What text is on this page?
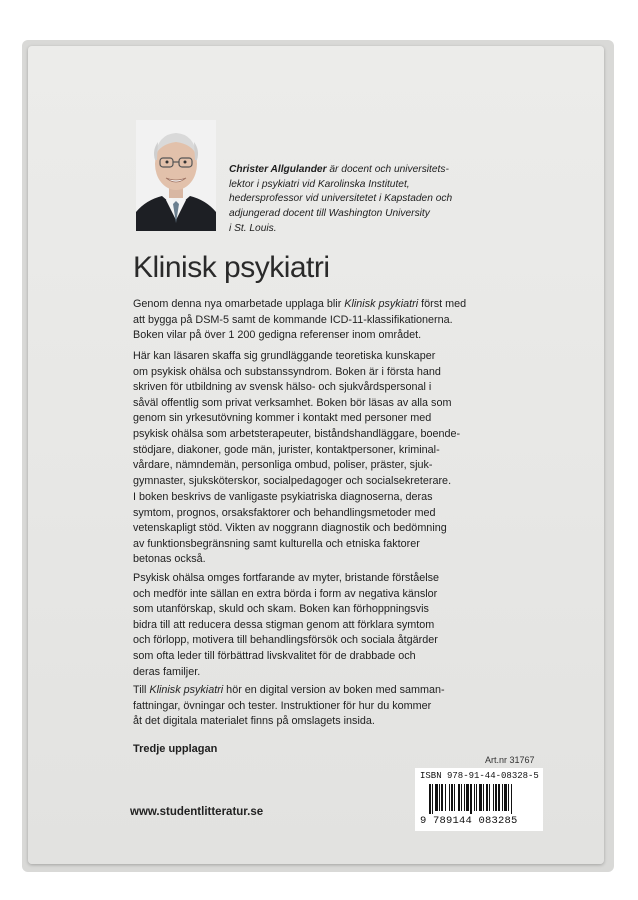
Christer Allgulander är docent och universitets-
lektor i psykiatri vid Karolinska Institutet,
hedersprofessor vid universitetet i Kapstaden och
adjungerad docent till Washington University
i St. Louis.

Klinisk psykiatri

Genom denna nya omarbetade upplaga blir Klinisk psykiatri först med
att bygga på DSM-5 samt de kommande ICD-11-klassifikationerna.
Boken vilar på över 1 200 gedigna referenser inom området.

Här kan läsaren skaffa sig grundläggande teoretiska kunskaper
om psykisk ohälsa och substanssyndrom. Boken är i första hand
skriven för utbildning av svensk hälso- och sjukvårdspersonal i
såväl offentlig som privat verksamhet. Boken bör läsas av alla som
genom sin yrkesutövning kommer i kontakt med personer med
psykisk ohälsa som arbetsterapeuter, biståndshandläggare, boende-
stödjare, diakoner, gode män, jurister, kontaktpersoner, kriminal-
vårdare, nämndemän, personliga ombud, poliser, präster, sjuk-
gymnaster, sjuksköterskor, socialpedagoger och socialsekreterare.

I boken beskrivs de vanligaste psykiatriska diagnoserna, deras
symtom, prognos, orsaksfaktorer och behandlingsmetoder med
vetenskapligt stöd. Vikten av noggrann diagnostik och bedömning
av funktionsbegränsning samt kulturella och etniska faktorer
betonas också.

Psykisk ohälsa omges fortfarande av myter, bristande förståelse
och medför inte sällan en extra börda i form av negativa känslor
som utanförskap, skuld och skam. Boken kan förhoppningsvis
bidra till att reducera dessa stigman genom att förklara symtom
och förlopp, motivera till behandlingsförsök och sociala åtgärder
som ofta leder till förbättrad livskvalitet för de drabbade och
deras familjer.

Till Klinisk psykiatri hör en digital version av boken med samman-
fattningar, övningar och tester. Instruktioner för hur du kommer
åt det digitala materialet finns på omslagets insida.

Tredje upplagan

Art.nr 31767
ISBN 978-91-44-08328-5
9 789144 083285

www.studentlitteratur.se
